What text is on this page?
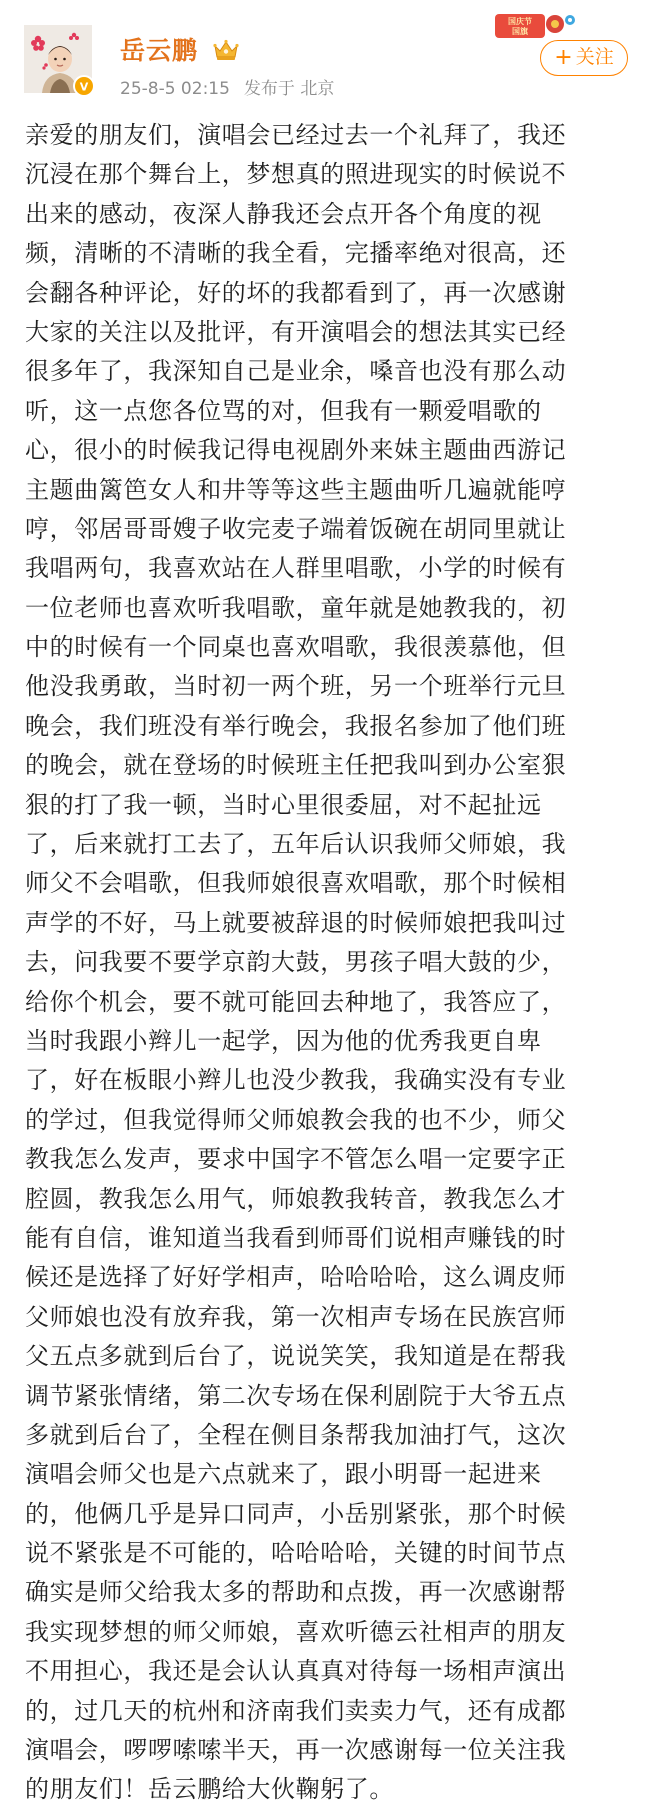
V
岳云鹏
25-8-5 02:15 发布于 北京
国庆节
国旗
+ 关注
亲爱的朋友们，演唱会已经过去一个礼拜了，我还
沉浸在那个舞台上，梦想真的照进现实的时候说不
出来的感动，夜深人静我还会点开各个角度的视
频，清晰的不清晰的我全看，完播率绝对很高，还
会翻各种评论，好的坏的我都看到了，再一次感谢
大家的关注以及批评，有开演唱会的想法其实已经
很多年了，我深知自己是业余，嗓音也没有那么动
听，这一点您各位骂的对，但我有一颗爱唱歌的
心，很小的时候我记得电视剧外来妹主题曲西游记
主题曲篱笆女人和井等等这些主题曲听几遍就能哼
哼，邻居哥哥嫂子收完麦子端着饭碗在胡同里就让
我唱两句，我喜欢站在人群里唱歌，小学的时候有
一位老师也喜欢听我唱歌，童年就是她教我的，初
中的时候有一个同桌也喜欢唱歌，我很羡慕他，但
他没我勇敢，当时初一两个班，另一个班举行元旦
晚会，我们班没有举行晚会，我报名参加了他们班
的晚会，就在登场的时候班主任把我叫到办公室狠
狠的打了我一顿，当时心里很委屈，对不起扯远
了，后来就打工去了，五年后认识我师父师娘，我
师父不会唱歌，但我师娘很喜欢唱歌，那个时候相
声学的不好，马上就要被辞退的时候师娘把我叫过
去，问我要不要学京韵大鼓，男孩子唱大鼓的少，
给你个机会，要不就可能回去种地了，我答应了，
当时我跟小辫儿一起学，因为他的优秀我更自卑
了，好在板眼小辫儿也没少教我，我确实没有专业
的学过，但我觉得师父师娘教会我的也不少，师父
教我怎么发声，要求中国字不管怎么唱一定要字正
腔圆，教我怎么用气，师娘教我转音，教我怎么才
能有自信，谁知道当我看到师哥们说相声赚钱的时
候还是选择了好好学相声，哈哈哈哈，这么调皮师
父师娘也没有放弃我，第一次相声专场在民族宫师
父五点多就到后台了，说说笑笑，我知道是在帮我
调节紧张情绪，第二次专场在保利剧院于大爷五点
多就到后台了，全程在侧目条帮我加油打气，这次
演唱会师父也是六点就来了，跟小明哥一起进来
的，他俩几乎是异口同声，小岳别紧张，那个时候
说不紧张是不可能的，哈哈哈哈，关键的时间节点
确实是师父给我太多的帮助和点拨，再一次感谢帮
我实现梦想的师父师娘，喜欢听德云社相声的朋友
不用担心，我还是会认认真真对待每一场相声演出
的，过几天的杭州和济南我们卖卖力气，还有成都
演唱会，啰啰嗦嗦半天，再一次感谢每一位关注我
的朋友们！岳云鹏给大伙鞠躬了。
